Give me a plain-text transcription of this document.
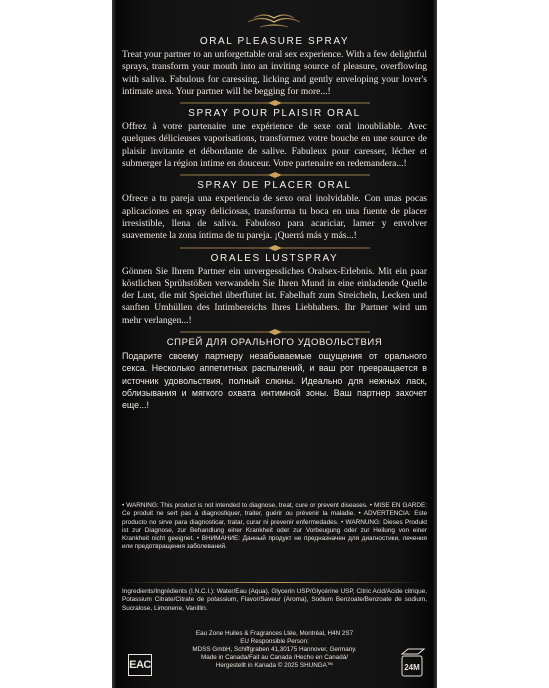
ORAL PLEASURE SPRAY

Treat your partner to an unforgettable oral sex experience. With a few delightful sprays, transform your mouth into an inviting source of pleasure, overflowing with saliva. Fabulous for caressing, licking and gently enveloping your lover's intimate area. Your partner will be begging for more...!

SPRAY POUR PLAISIR ORAL

Offrez à votre partenaire une expérience de sexe oral inoubliable. Avec quelques délicieuses vaporisations, transformez votre bouche en une source de plaisir invitante et débordante de salive. Fabuleux pour caresser, lécher et submerger la région intime en douceur. Votre partenaire en redemandera...!

SPRAY DE PLACER ORAL

Ofrece a tu pareja una experiencia de sexo oral inolvidable. Con unas pocas aplicaciones en spray deliciosas, transforma tu boca en una fuente de placer irresistible, llena de saliva. Fabuloso para acariciar, lamer y envolver suavemente la zona íntima de tu pareja. ¡Querrá más y más...!

ORALES LUSTSPRAY

Gönnen Sie Ihrem Partner ein unvergessliches Oralsex-Erlebnis. Mit ein paar köstlichen Sprühstößen verwandeln Sie Ihren Mund in eine einladende Quelle der Lust, die mit Speichel überflutet ist. Fabelhaft zum Streicheln, Lecken und sanften Umhüllen des Intimbereichs Ihres Liebhabers. Ihr Partner wird um mehr verlangen...!

СПРЕЙ ДЛЯ ОРАЛЬНОГО УДОВОЛЬСТВИЯ

Подарите своему партнеру незабываемые ощущения от орального секса. Несколько аппетитных распылений, и ваш рот превращается в источник удовольствия, полный слюны. Идеально для нежных ласк, облизывания и мягкого охвата интимной зоны. Ваш партнер захочет еще...!

• WARNING: This product is not intended to diagnose, treat, cure or prevent diseases. • MISE EN GARDE: Ce produit ne sert pas à diagnostiquer, traiter, guérir ou prévenir la maladie. • ADVERTENCIA: Este producto no sirve para diagnosticar, tratar, curar ni prevenir enfermedades. • WARNUNG: Dieses Produkt ist zur Diagnose, zur Behandlung einer Krankheit oder zur Vorbeugung oder zur Heilung von einer Krankheit nicht geeignet. • ВНИМАНИЕ: Данный продукт не предназначен для диагностики, лечения или предотвращения заболеваний.
Ingredients/Ingrédients (I.N.C.I.): Water/Eau (Aqua), Glycerin USP/Glycérine USP, Citric Acid/Acide citrique, Potassium Citrate/Citrate de potassium, Flavor/Saveur (Aroma), Sodium Benzoate/Benzoate de sodium, Sucralose, Limonene, Vanillin.
Eau Zone Huiles & Fragrances Ltée, Montréal, H4N 2S7
EU Responsible Person:
MDSS GmbH, Schiffgraben 41,30175 Hannover, Germany.
Made in Canada/Fait au Canada /Hecho en Canadá/
Hergestellt in Kanada © 2025 SHUNGA™
EAC	24M
